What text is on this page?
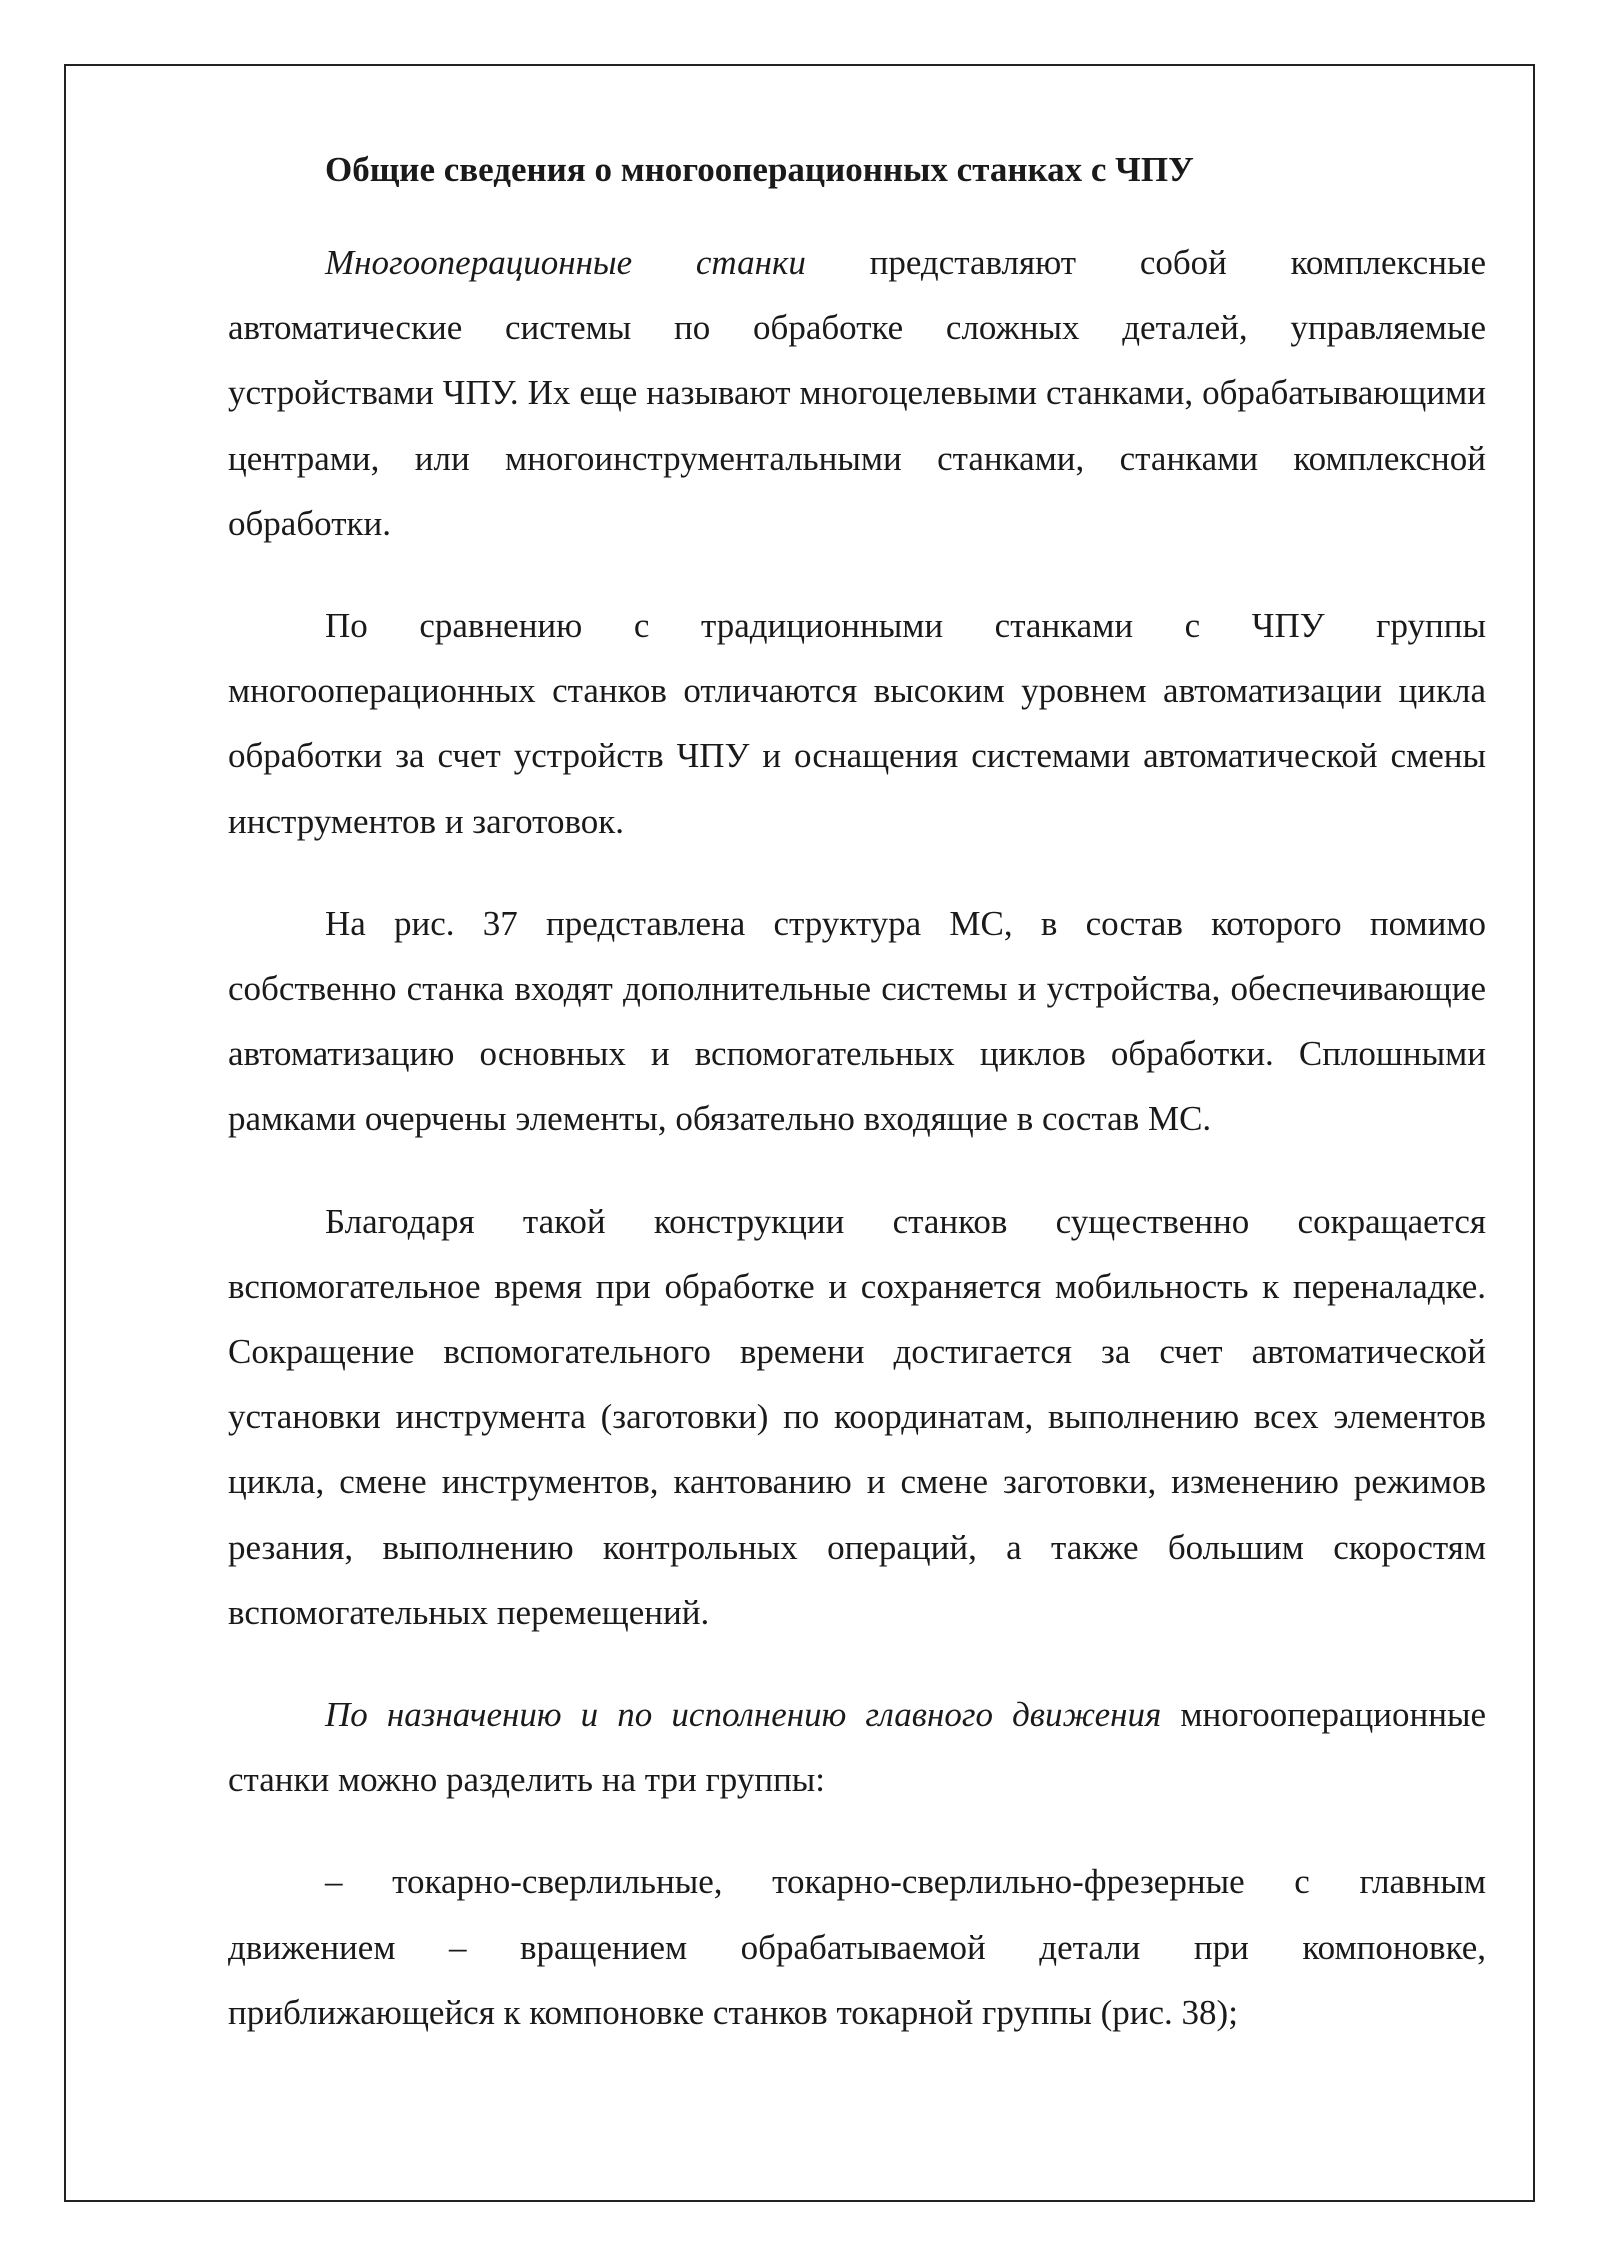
Общие сведения о многооперационных станках с ЧПУ

Многооперационные станки представляют собой комплексные автоматические системы по обработке сложных деталей, управляемые устройствами ЧПУ. Их еще называют многоцелевыми станками, обрабатывающими центрами, или многоинструментальными станками, станками комплексной обработки.

По сравнению с традиционными станками с ЧПУ группы многооперационных станков отличаются высоким уровнем автоматизации цикла обработки за счет устройств ЧПУ и оснащения системами автоматической смены инструментов и заготовок.

На рис. 37 представлена структура МС, в состав которого помимо собственно станка входят дополнительные системы и устройства, обеспечивающие автоматизацию основных и вспомогательных циклов обработки. Сплошными рамками очерчены элементы, обязательно входящие в состав МС.

Благодаря такой конструкции станков существенно сокращается вспомогательное время при обработке и сохраняется мобильность к переналадке. Сокращение вспомогательного времени достигается за счет автоматической установки инструмента (заготовки) по координатам, выполнению всех элементов цикла, смене инструментов, кантованию и смене заготовки, изменению режимов резания, выполнению контрольных операций, а также большим скоростям вспомогательных перемещений.

По назначению и по исполнению главного движения многооперационные станки можно разделить на три группы:

– токарно-сверлильные, токарно-сверлильно-фрезерные с главным движением – вращением обрабатываемой детали при компоновке, приближающейся к компоновке станков токарной группы (рис. 38);
